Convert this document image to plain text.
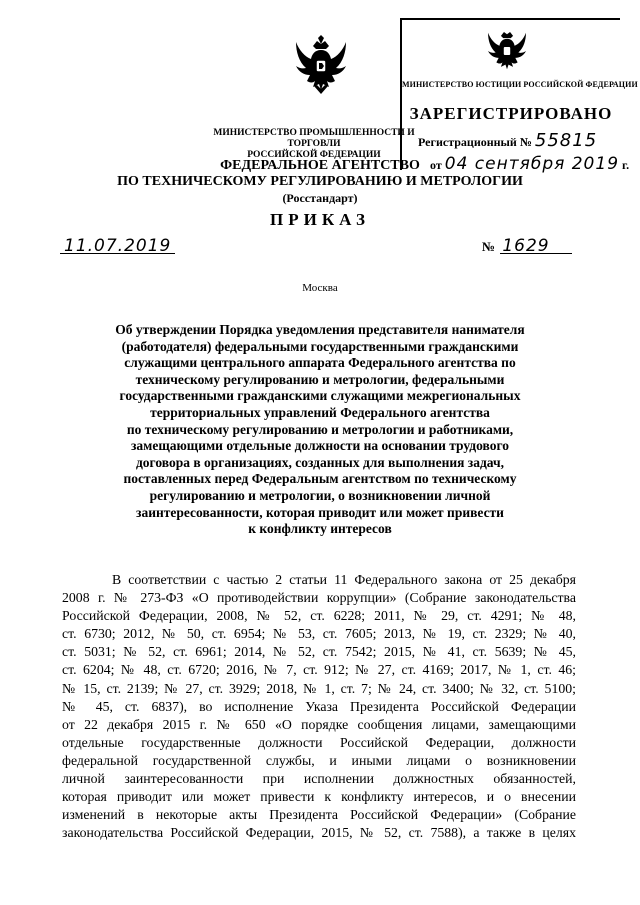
МИНИСТЕРСТВО ЮСТИЦИИ РОССИЙСКОЙ ФЕДЕРАЦИИ
ЗАРЕГИСТРИРОВАНО
Регистрационный № 55815
от 04 сентября 2019 г.
МИНИСТЕРСТВО ПРОМЫШЛЕННОСТИ И ТОРГОВЛИ
РОССИЙСКОЙ ФЕДЕРАЦИИ
ФЕДЕРАЛЬНОЕ АГЕНТСТВО
ПО ТЕХНИЧЕСКОМУ РЕГУЛИРОВАНИЮ И МЕТРОЛОГИИ
(Росстандарт)
ПРИКАЗ
11.07.2019	№ 1629
Москва
Об утверждении Порядка уведомления представителя нанимателя
(работодателя) федеральными государственными гражданскими
служащими центрального аппарата Федерального агентства по
техническому регулированию и метрологии, федеральными
государственными гражданскими служащими межрегиональных
территориальных управлений Федерального агентства
по техническому регулированию и метрологии и работниками,
замещающими отдельные должности на основании трудового
договора в организациях, созданных для выполнения задач,
поставленных перед Федеральным агентством по техническому
регулированию и метрологии, о возникновении личной
заинтересованности, которая приводит или может привести
к конфликту интересов
В соответствии с частью 2 статьи 11 Федерального закона от 25 декабря
2008 г. № 273-ФЗ «О противодействии коррупции» (Собрание законодательства
Российской Федерации, 2008, № 52, ст. 6228; 2011, № 29, ст. 4291; № 48,
ст. 6730; 2012, № 50, ст. 6954; № 53, ст. 7605; 2013, № 19, ст. 2329; № 40,
ст. 5031; № 52, ст. 6961; 2014, № 52, ст. 7542; 2015, № 41, ст. 5639; № 45,
ст. 6204; № 48, ст. 6720; 2016, № 7, ст. 912; № 27, ст. 4169; 2017, № 1, ст. 46;
№ 15, ст. 2139; № 27, ст. 3929; 2018, № 1, ст. 7; № 24, ст. 3400; № 32, ст. 5100;
№ 45, ст. 6837), во исполнение Указа Президента Российской Федерации
от 22 декабря 2015 г. № 650 «О порядке сообщения лицами, замещающими
отдельные государственные должности Российской Федерации, должности
федеральной государственной службы, и иными лицами о возникновении
личной заинтересованности при исполнении должностных обязанностей,
которая приводит или может привести к конфликту интересов, и о внесении
изменений в некоторые акты Президента Российской Федерации» (Собрание
законодательства Российской Федерации, 2015, № 52, ст. 7588), а также в целях
